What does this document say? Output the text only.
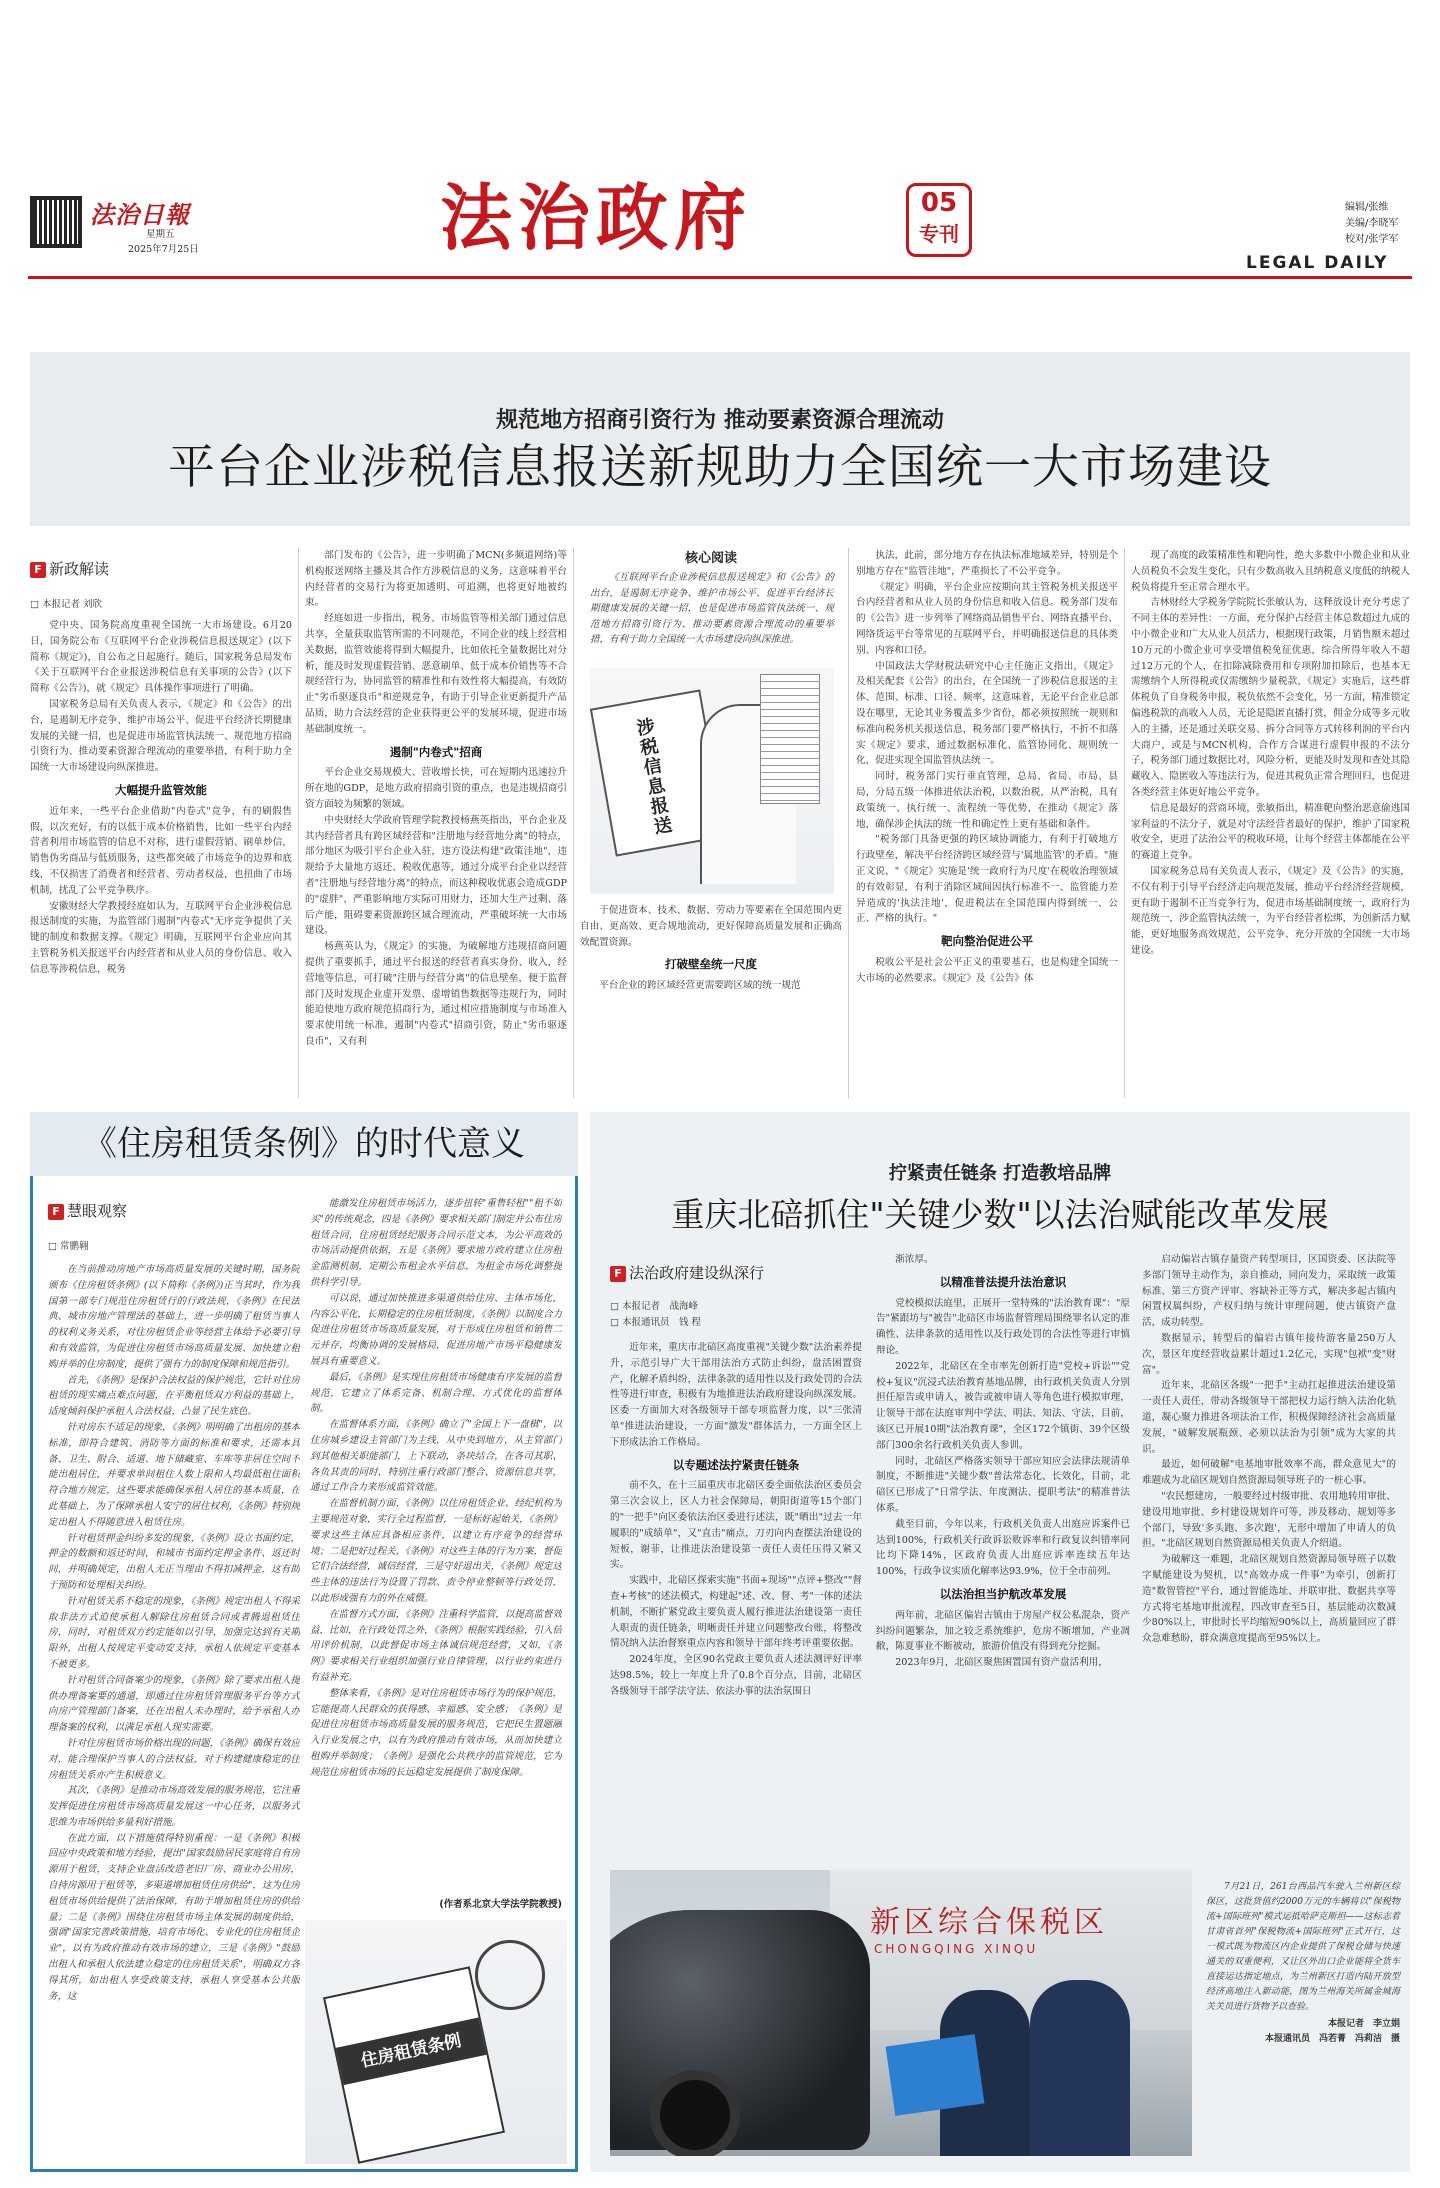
法治日報
星期五
2025年7月25日	法治政府	05
专刊
编辑/张维
美编/李晓军
校对/张学军
LEGAL DAILY
规范地方招商引资行为 推动要素资源合理流动
平台企业涉税信息报送新规助力全国统一大市场建设
F 新政解读
□ 本报记者 刘欣

党中央、国务院高度重视全国统一大市场建设。6月20日，国务院公布《互联网平台企业涉税信息报送规定》(以下简称《规定》)，自公布之日起施行。随后，国家税务总局发布《关于互联网平台企业报送涉税信息有关事项的公告》(以下简称《公告》)，就《规定》具体操作事项进行了明确。

国家税务总局有关负责人表示，《规定》和《公告》的出台，是遏制无序竞争、维护市场公平、促进平台经济长期健康发展的关键一招，也是促进市场监管执法统一、规范地方招商引资行为、推动要素资源合理流动的重要举措，有利于助力全国统一大市场建设向纵深推进。

大幅提升监管效能

近年来，一些平台企业借助"内卷式"竞争，有的刷假售假，以次充好，有的以低于成本价格销售，比如一些平台内经营者利用市场监管的信息不对称，进行虚假营销、刷单炒信，销售伪劣商品与低质服务，这些都突破了市场竞争的边界和底线，不仅损害了消费者和经营者、劳动者权益，也扭曲了市场机制，扰乱了公平竞争秩序。

安徽财经大学教授经庭如认为，互联网平台企业涉税信息报送制度的实施，为监管部门遏制"内卷式"无序竞争提供了关键的制度和数据支撑。《规定》明确，互联网平台企业应向其主管税务机关报送平台内经营者和从业人员的身份信息、收入信息等涉税信息，税务

部门发布的《公告》，进一步明确了MCN(多频道网络)等机构报送网络主播及其合作方涉税信息的义务，这意味着平台内经营者的交易行为将更加透明、可追溯，也将更好地被约束。

经庭如进一步指出，税务、市场监管等相关部门通过信息共享，全量获取监管所需的不同规范，不同企业的线上经营相关数据，监管效能将得到大幅提升，比如依托全量数据比对分析，能及时发现虚假营销、恶意刷单、低于成本价销售等不合规经营行为，协同监管的精准性和有效性将大幅提高，有效防止"劣币驱逐良币"和逆规竞争，有助于引导企业更新提升产品品质，助力合法经营的企业获得更公平的发展环境，促进市场基础制度统一。

遏制"内卷式"招商

平台企业交易规模大、营收增长快，可在短期内迅速拉升所在地的GDP，是地方政府招商引资的重点，也是违规招商引资方面较为频繁的领域。

中央财经大学政府管理学院教授杨燕英指出，平台企业及其内经营者具有跨区域经营和"注册地与经营地分离"的特点，部分地区为吸引平台企业入驻，违方设法构建"政策洼地"，违规给予大量地方返还、税收优惠等，通过分成平台企业以经营者"注册地与经营地分离"的特点，而这种税收优惠会造成GDP的"虚胖"、严重影响地方实际可用财力，还加大生产过剩、落后产能，阻碍要素资源跨区域合理流动，严重破坏统一大市场建设。

杨燕英认为，《规定》的实施，为破解地方违规招商问题提供了重要抓手，通过平台报送的经营者真实身份、收入，经营地等信息，可打破"注册与经营分离"的信息壁垒，便于监督部门及时发现企业虚开发票、虚增销售数据等违规行为，同时能迫使地方政府规范招商行为，通过相应措施制度与市场准入要求使用统一标准，遏制"内卷式"招商引资，防止"劣币驱逐良币"，又有利

核心阅读
《互联网平台企业涉税信息报送规定》和《公告》的出台，是遏制无序竞争、维护市场公平、促进平台经济长期健康发展的关键一招，也是促进市场监管执法统一、规范地方招商引资行为、推动要素资源合理流动的重要举措，有利于助力全国统一大市场建设向纵深推进。
涉税信息报送

于促进资本、技术、数据、劳动力等要素在全国范围内更自由、更高效、更合规地流动，更好保障高质量发展和正确高效配置资源。

打破壁垒统一尺度

平台企业的跨区域经营更需要跨区域的统一规范

执法，此前，部分地方存在执法标准地域差异，特别是个别地方存在"监管洼地"，严重损长了不公平竞争。

《规定》明确，平台企业应按期向其主管税务机关报送平台内经营者和从业人员的身份信息和收入信息。税务部门发布的《公告》进一步列举了网络商品销售平台、网络直播平台、网络货运平台等常见的互联网平台，并明确报送信息的具体类别、内容和口径。

中国政法大学财税法研究中心主任施正文指出，《规定》及相关配套《公告》的出台，在全国统一了涉税信息报送的主体、范围、标准、口径、频率，这意味着，无论平台企业总部设在哪里，无论其业务覆盖多少省份，都必须按照统一规则和标准向税务机关报送信息，税务部门要严格执行，不折不扣落实《规定》要求，通过数据标准化、监管协同化、规则统一化，促进实现全国监管执法统一。

同时，税务部门实行垂直管理，总局、省局、市局、县局，分局五级一体推进依法治税，以数治税，从严治税，具有政策统一、执行统一、流程统一等优势，在推动《规定》落地，确保涉企执法的统一性和确定性上更有基础和条件。

"税务部门具备更强的跨区域协调能力，有利于打破地方行政壁垒，解决平台经济跨区域经营与'属地监管'的矛盾。"施正文说，"《规定》实施是'统一政府行为尺度'在税收治理领域的有效彰显，有利于消除区域间因执行标准不一、监管能力差异造成的'执法洼地'，促进税法在全国范围内得到统一、公正、严格的执行。"

靶向整治促进公平

税收公平是社会公平正义的重要基石，也是构建全国统一大市场的必然要求。《规定》及《公告》体

现了高度的政策精准性和靶向性，绝大多数中小微企业和从业人员税负不会发生变化，只有少数高收入且纳税意义度低的纳税人税负将提升至正常合理水平。

吉林财经大学税务学院院长张敏认为，这释放设计充分考虑了不同主体的差异性：一方面，充分保护占经营主体总数超过九成的中小微企业和广大从业人员活力，根据现行政策，月销售额未超过10万元的小微企业可享受增值税免征优惠，综合所得年收入不超过12万元的个人，在扣除减除费用和专项附加扣除后，也基本无需缴纳个人所得税或仅需缴纳少量税款，《规定》实施后，这些群体税负了自身税务申报，税负依然不会变化，另一方面，精准锁定偏逃税款的高收入人员，无论是隐匿直播打赏，佣金分成等多元收入的主播，还是通过关联交易、拆分合同等方式转移利润的平台内大商户，或是与MCN机构，合作方合谋进行虚假申报的不法分子，税务部门通过数据比对，风险分析，更能及时发现和查处其隐藏收入、隐匿收入等违法行为，促进其税负正常合理回归，也促进各类经营主体更好地公平竞争。

信息是最好的营商环境，张敏指出，精准靶向整治恶意偷逃国家利益的不法分子，就是对守法经营者最好的保护，维护了国家税收安全，更进了法治公平的税收环境，让每个经营主体都能在公平的赛道上竞争。

国家税务总局有关负责人表示，《规定》及《公告》的实施，不仅有利于引导平台经济走向规范发展，推动平台经济经营规模，更有助于遏制不正当竞争行为，促进市场基础制度统一，政府行为规范统一，涉企监管执法统一，为平台经营者松绑，为创新活力赋能，更好地服务高效规范、公平竞争、充分开放的全国统一大市场建设。

《住房租赁条例》的时代意义
F 慧眼观察
□ 常鹏翱

在当前推动房地产市场高质量发展的关键时期，国务院颁布《住房租赁条例》(以下简称《条例》)正当其时，作为我国第一部专门规范住房租赁行的行政法规，《条例》在民法典、城市房地产管理法的基础上，进一步明确了租赁当事人的权利义务关系，对住房租赁企业等经营主体给予必要引导和有效监管，为促进住房租赁市场高质量发展、加快建立租购并举的住房制度，提供了强有力的制度保障和规范指引。

首先，《条例》是保护合法权益的保护规范，它针对住房租赁的现实痛点难点问题，在平衡租赁双方利益的基础上，适度倾斜保护承租人合法权益，凸显了民生底色。

针对房东不适足的现象，《条例》明明确了出租房的基本标准，即符合建筑、消防等方面的标准和要求，还需本具备、卫生、附合、适道、地下储藏室、车库等非居住空间不能出租居住，并要求单间租住人数上限和人均最低租住面积符合地方规定，这些要求能确保承租人居住的基本质量，在此基础上，为了保障承租人安宁的居住权利，《条例》特别规定出租人不得随意进入租赁住房。

针对租赁押金纠纷多发的现象，《条例》设立书面约定，押金的数额和返还时间，和城市书面约定押金条件、返还时间，并明确规定，出租人无正当理由不得扣减押金，这有助于预防和处理相关纠纷。

针对租赁关系不稳定的现象，《条例》规定出租人不得采取非法方式迫使承租人解除住房租赁合同或者腾退租赁住房，同时，对租赁双方约定能如以引导，加强完达到有关期限外，出租人按规定平变动安支持，承租人依规定平变基本不被更多。

针对租赁合同备案少的现象，《条例》除了要求出租人提供办理备案要的通道，即通过住房租赁管理服务平台等方式向房产管理部门备案，还在出租人未办理时，给予承租人办理备案的权利，以满足承租人现实需要。

针对住房租赁市场价格出现的问题，《条例》确保有效应对，能合理保护当事人的合法权益，对于构建健康稳定的住房租赁关系亦产生积极意义。

其次，《条例》是推动市场高效发展的服务规范，它注重发挥促进住房租赁市场高质量发展这一中心任务，以服务式思维为市场供给多量利好措施。

在此方面，以下措施值得特别重视：一是《条例》积极回应中央政策和地方经验，提出"国家鼓励居民家庭将自有房源用于租赁，支持企业盘活改造老旧厂房、商业办公用房，自持房源用于租赁等，多渠道增加租赁住房供给"，这为住房租赁市场供给提供了法治保障，有助于增加租赁住房的供给量；二是《条例》围绕住房租赁市场主体发展的制度供给，强调"国家完善政策措施，培育市场化、专业化的住房租赁企业"，以有为政府推动有效市场的建立，三是《条例》"鼓励出租人和承租人依法建立稳定的住房租赁关系"，明确双方各得其所，如出租人享受政策支持，承租人享受基本公共服务，这

能激发住房租赁市场活力，逐步扭转"重售轻租""租不如买"的传统观念，四是《条例》要求相关部门制定并公布住房租赁合同，住房租赁经纪服务合同示范文本，为公平高效的市场活动提供依据，五是《条例》要求地方政府建立住房租金监测机制，定期公布租金水平信息，为租金市场化调整提供科学引导。

可以说，通过加快推进多渠道供给住房、主体市场化，内容公平化，长期稳定的住房租赁制度，《条例》以制度合力促进住房租赁市场高质量发展，对于形成住房租赁和销售二元并存，均衡协调的发展格局，促进房地产市场平稳健康发展具有重要意义。

最后，《条例》是实现住房租赁市场健康有序发展的监督规范，它建立了体系完备、机制合理、方式优化的监督体制。

在监督体系方面，《条例》确立了"全国上下一盘棋"，以住房城乡建设主管部门为主线，从中央到地方，从主管部门到其他相关职能部门，上下联动，条块结合，在各司其职、各负其责的同时，特别注重行政部门整合、资源信息共享，通过工作合力来形成监管效能。

在监督机制方面，《条例》以住房租赁企业、经纪机构为主要规范对象，实行全过程监督，一是标好起始关，《条例》要求这些主体应具备相应条件，以建立有序竞争的经营环境；二是把好过程关，《条例》对这些主体的行为方案，督促它们合法经营，诚信经营，三是守好退出关，《条例》规定这些主体的违法行为设置了罚款、责令停业整顿等行政处罚，以此形成强有力的外在威慑。

在监督方式方面，《条例》注重科学监管，以提高监督效益，比如，在行政处罚之外，《条例》根据实践经验，引入信用评价机制，以此督促市场主体诚信规范经营，又如，《条例》要求相关行业组织加强行业自律管理，以行业约束进行有益补充。

整体来看，《条例》是对住房租赁市场行为的保护规范，它能提高人民群众的获得感、幸福感、安全感；《条例》是促进住房租赁市场高质量发展的服务规范，它把民生置题融入行业发展之中，以有为政府推动有效市场，从而加快建立租购并举制度；《条例》是强化公共秩序的监管规范，它为规范住房租赁市场的长远稳定发展提供了制度保障。

(作者系北京大学法学院教授)
住房租赁条例
拧紧责任链条 打造教培品牌
重庆北碚抓住"关键少数"以法治赋能改革发展
F 法治政府建设纵深行
□ 本报记者　战海峰
□ 本报通讯员　钱 程

近年来，重庆市北碚区高度重视"关键少数"法治素养提升，示范引导广大干部用法治方式防止纠纷，盘活困置资产，化解矛盾纠纷，法律条款的适用性以及行政处罚的合法性等进行审查，积极有为地推进法治政府建设向纵深发展。区委一方面加大对各级领导干部专项监督力度，以"三张清单"推进法治建设，一方面"激发"群体活力，一方面全区上下形成法治工作格局。

以专题述法拧紧责任链条

前不久，在十三届重庆市北碚区委全面依法治区委员会第三次会议上，区人力社会保障局，朝阳街道等15个部门的"一把手"向区委依法治区委进行述法，既"晒出"过去一年履职的"成绩单"，又"直击"痛点，刀刃向内查摆法治建设的短板，谢菲，让推进法治建设第一责任人责任压得又紧又实。

实践中，北碚区探索实施"书面+现场""点评+整改""督查+考核"的述法模式，构建起"述、改、督、考"一体的述法机制，不断扩紧党政主要负责人履行推进法治建设第一责任人职责的责任链条，明晰责任并建立问题整改台账，将整改情况纳入法治督察重点内容和领导干部年终考评重要依据。

2024年度，全区90名党政主要负责人述法测评好评率达98.5%，较上一年度上升了0.8个百分点，目前，北碚区各级领导干部学法守法、依法办事的法治氛围日

渐浓厚。

以精准普法提升法治意识

党校模拟法庭里，正展开一堂特殊的"法治教育课"："原告"紧跟坊与"被告"北碚区市场监督管理局围绕罪名认定的准确性、法律条款的适用性以及行政处罚的合法性等进行审慎辩论。

2022年，北碚区在全市率先创新打造"党校+诉讼""党校+复议"沉浸式法治教育基地品牌，由行政机关负责人分别担任原告或申请人，被告或被申请人等角色进行模拟审理，让领导干部在法庭审判中学法、明法、知法、守法，目前，该区已开展10期"法治教育课"，全区172个镇街、39个区级部门300余名行政机关负责人参训。

同时，北碚区严格落实领导干部应知应会法律法规清单制度，不断推进"关键少数"普法常态化、长效化，目前，北碚区已形成了"日常学法、年度测法、提职考法"的精准普法体系。

截至目前，今年以来，行政机关负责人出庭应诉案件已达到100%，行政机关行政诉讼败诉率和行政复议纠错率同比均下降14%，区政府负责人出庭应诉率连续五年达100%，行政争议实质化解率达93.9%，位于全市前列。

以法治担当护航改革发展

两年前，北碚区偏岩古镇由于房屋产权公私混杂，资产纠纷问题繁杂，加之较乏系统维护，危房不断增加，产业凋敝，陈夏事业不断被动，旅游价值没有得到充分挖掘。

2023年9月，北碚区聚焦困置国有资产盘活利用，

启动偏岩古镇存量资产转型项目，区国资委、区法院等多部门领导主动作为，亲自推动，同向发力，采取统一政策标准、第三方资产评审、容缺补正等方式，解决多起古镇内闲置权属纠纷，产权归纳与统计审理问题，使古镇资产盘活，成功转型。

数据显示，转型后的偏岩古镇年接待游客量250万人次，景区年度经营收益累计超过1.2亿元，实现"包袱"变"财富"。

近年来，北碚区各级"一把手"主动扛起推进法治建设第一责任人责任，带动各级领导干部把权力运行纳入法治化轨道，凝心聚力推进各项法治工作，积极保障经济社会高质量发展，"破解发展瓶颈、必须以法治为引领"成为大家的共识。

最近，如何破解"电基地审批效率不高，群众意见大"的难题成为北碚区规划自然资源局领导班子的一桩心事。

"农民想建房，一般要经过村级审批、农用地转用审批、建设用地审批、乡村建设规划许可等，涉及移动、规划等多个部门，导致'多头跑、多次跑'，无形中增加了申请人的负担。"北碚区规划自然资源局相关负责人介绍道。

为破解这一难题，北碚区规划自然资源局领导班子以数字赋能建设为契机，以"高效办成一件事"为牵引，创新打造"数智管控"平台，通过智能选址、并联审批、数据共享等方式将宅基地审批流程，四改审查至5日，基层能动次数减少80%以上，审批时长平均缩短90%以上，高质量回应了群众急难愁盼，群众满意度提高至95%以上。

新区综合保税区
CHONGQING XINQU

7月21日，261台西品汽车驶入兰州新区综保区，这批货值约2000万元的车辆将以"保税物流+国际班列"模式运抵哈萨克斯坦——这标志着甘肃省首列"保税物流+国际班列"正式开行，这一模式既为物流区内企业提供了保税仓储与快速通关的双重便利，又让区外出口企业能将全货车直接运达指定地点，为兰州新区打造内陆开放型经济高地注入新动能，图为兰州海关所属金城海关关员进行货物予以查验。

本报记者　李立娟

本报通讯员　冯若菁　冯莉洁　摄
